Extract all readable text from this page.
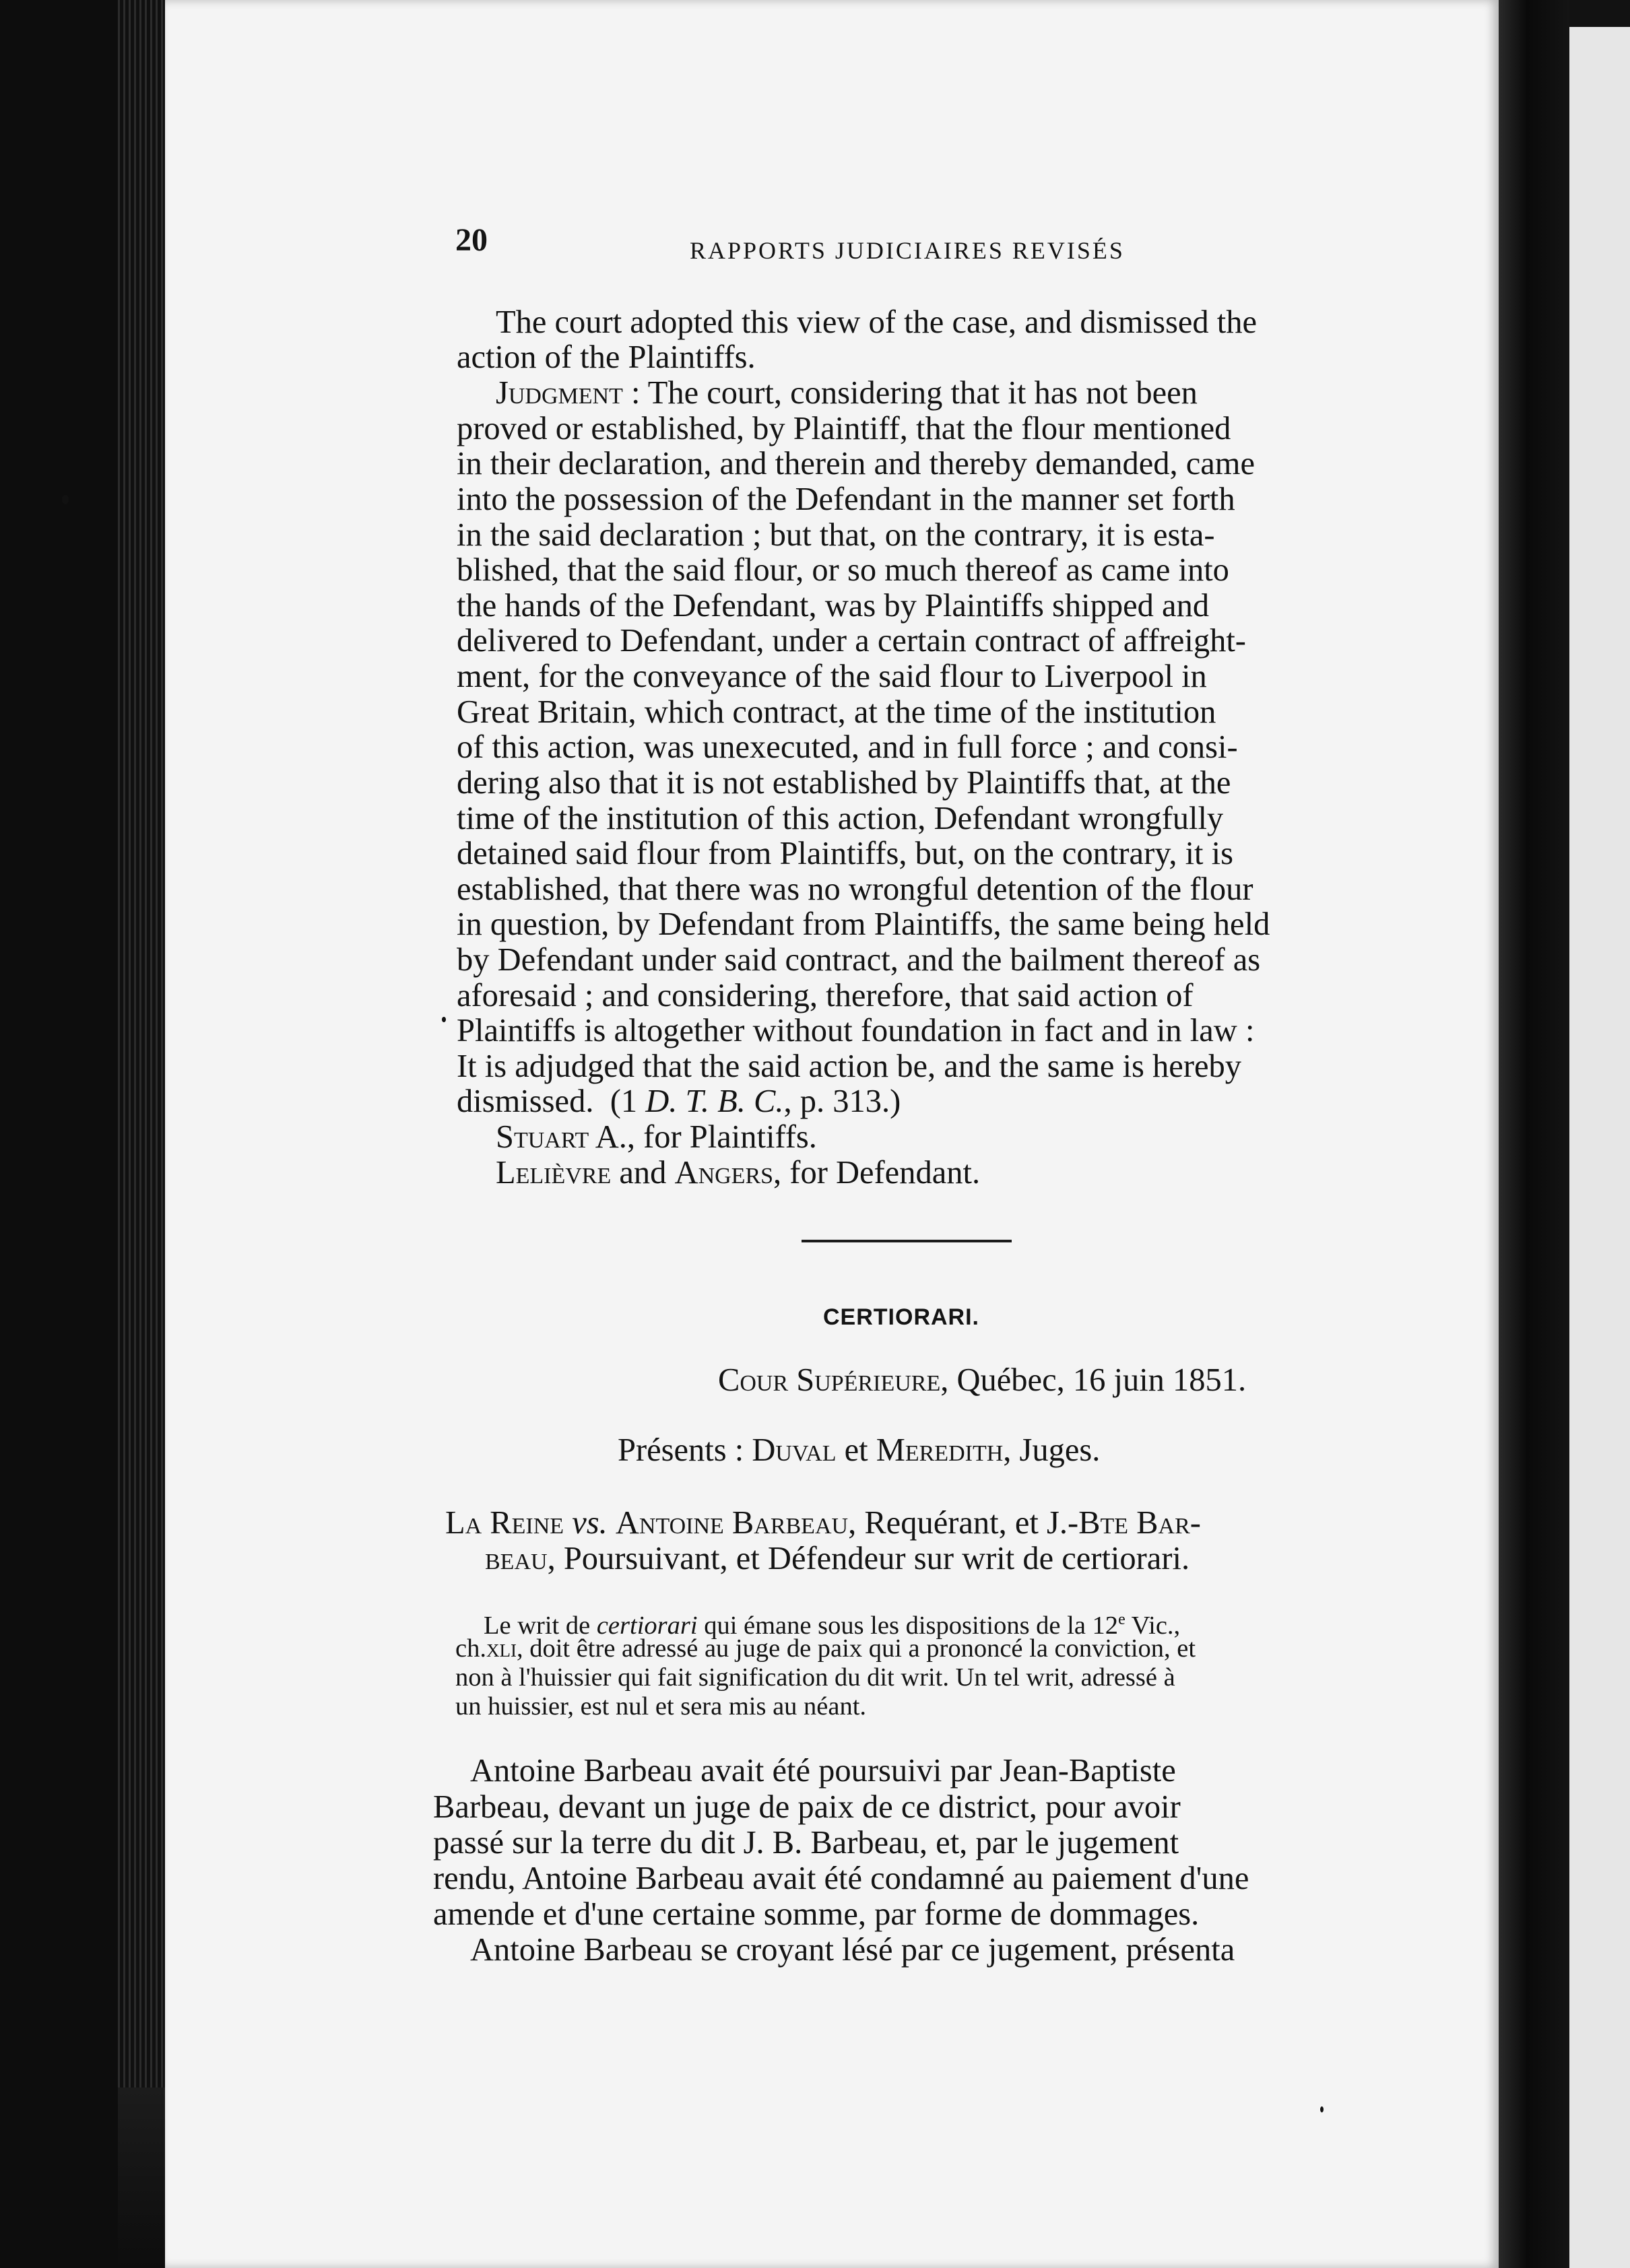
20	RAPPORTS JUDICIAIRES REVISÉS
The court adopted this view of the case, and dismissed the
action of the Plaintiffs.
Judgment : The court, considering that it has not been
proved or established, by Plaintiff, that the flour mentioned
in their declaration, and therein and thereby demanded, came
into the possession of the Defendant in the manner set forth
in the said declaration ; but that, on the contrary, it is esta-
blished, that the said flour, or so much thereof as came into
the hands of the Defendant, was by Plaintiffs shipped and
delivered to Defendant, under a certain contract of affreight-
ment, for the conveyance of the said flour to Liverpool in
Great Britain, which contract, at the time of the institution
of this action, was unexecuted, and in full force ; and consi-
dering also that it is not established by Plaintiffs that, at the
time of the institution of this action, Defendant wrongfully
detained said flour from Plaintiffs, but, on the contrary, it is
established, that there was no wrongful detention of the flour
in question, by Defendant from Plaintiffs, the same being held
by Defendant under said contract, and the bailment thereof as
aforesaid ; and considering, therefore, that said action of
Plaintiffs is altogether without foundation in fact and in law :
It is adjudged that the said action be, and the same is hereby
dismissed. (1 D. T. B. C., p. 313.)
Stuart A., for Plaintiffs.
Lelièvre and Angers, for Defendant.
CERTIORARI.
Cour Supérieure, Québec, 16 juin 1851.
Présents : Duval et Meredith, Juges.
La Reine vs. Antoine Barbeau, Requérant, et J.-Bte Bar-
beau, Poursuivant, et Défendeur sur writ de certiorari.
Le writ de certiorari qui émane sous les dispositions de la 12e Vic.,
ch.xli, doit être adressé au juge de paix qui a prononcé la conviction, et
non à l'huissier qui fait signification du dit writ. Un tel writ, adressé à
un huissier, est nul et sera mis au néant.
Antoine Barbeau avait été poursuivi par Jean-Baptiste
Barbeau, devant un juge de paix de ce district, pour avoir
passé sur la terre du dit J. B. Barbeau, et, par le jugement
rendu, Antoine Barbeau avait été condamné au paiement d'une
amende et d'une certaine somme, par forme de dommages.
Antoine Barbeau se croyant lésé par ce jugement, présenta
